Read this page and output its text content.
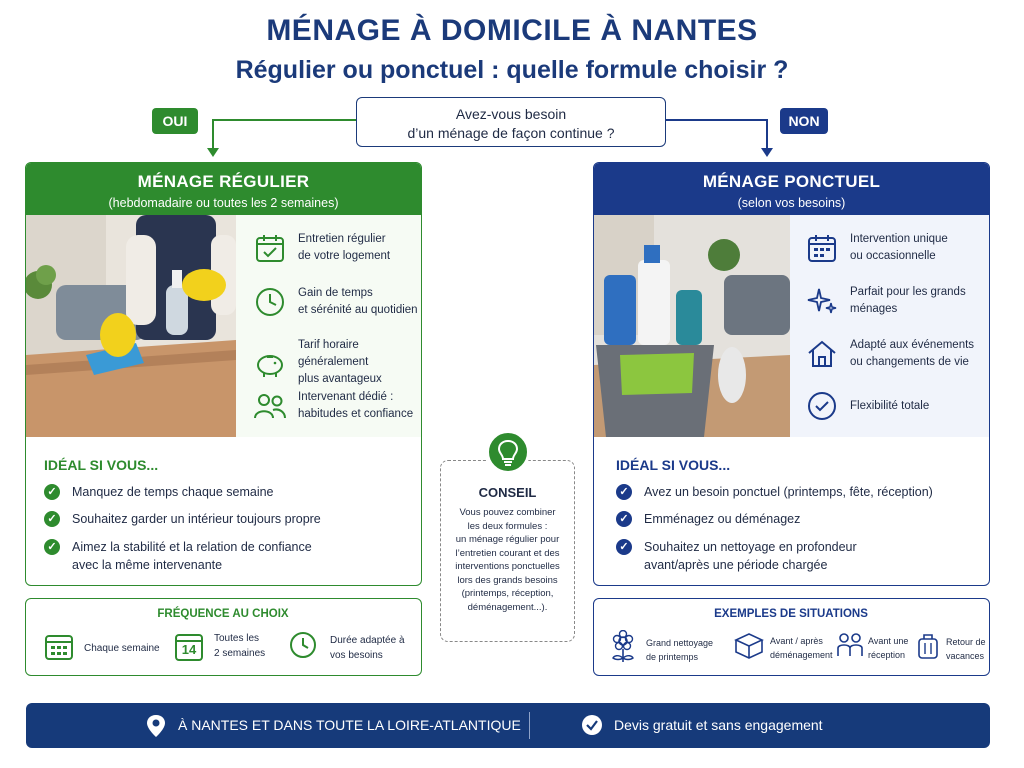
MÉNAGE À DOMICILE À NANTES
Régulier ou ponctuel : quelle formule choisir ?
Avez-vous besoin
d’un ménage de façon continue ?
OUI	NON
MÉNAGE RÉGULIER
(hebdomadaire ou toutes les 2 semaines)
Entretien régulier
de votre logement
Gain de temps
et sérénité au quotidien
Tarif horaire généralement
plus avantageux
Intervenant dédié :
habitudes et confiance
IDÉAL SI VOUS...
✓ Manquez de temps chaque semaine
✓ Souhaitez garder un intérieur toujours propre
✓ Aimez la stabilité et la relation de confiance
avec la même intervenante
FRÉQUENCE AU CHOIX
Chaque semaine	14
Toutes les
2 semaines
Durée adaptée à
vos besoins
CONSEIL
Vous pouvez combiner
les deux formules :
un ménage régulier pour
l’entretien courant et des
interventions ponctuelles
lors des grands besoins
(printemps, réception,
déménagement...).
MÉNAGE PONCTUEL
(selon vos besoins)
Intervention unique
ou occasionnelle
Parfait pour les grands
ménages
Adapté aux événements
ou changements de vie
Flexibilité totale
IDÉAL SI VOUS...
✓ Avez un besoin ponctuel (printemps, fête, réception)
✓ Emménagez ou déménagez
✓ Souhaitez un nettoyage en profondeur
avant/après une période chargée
EXEMPLES DE SITUATIONS
Grand nettoyage
de printemps
Avant / après
déménagement
Avant une
réception
Retour de
vacances
À NANTES ET DANS TOUTE LA LOIRE-ATLANTIQUE	Devis gratuit et sans engagement
